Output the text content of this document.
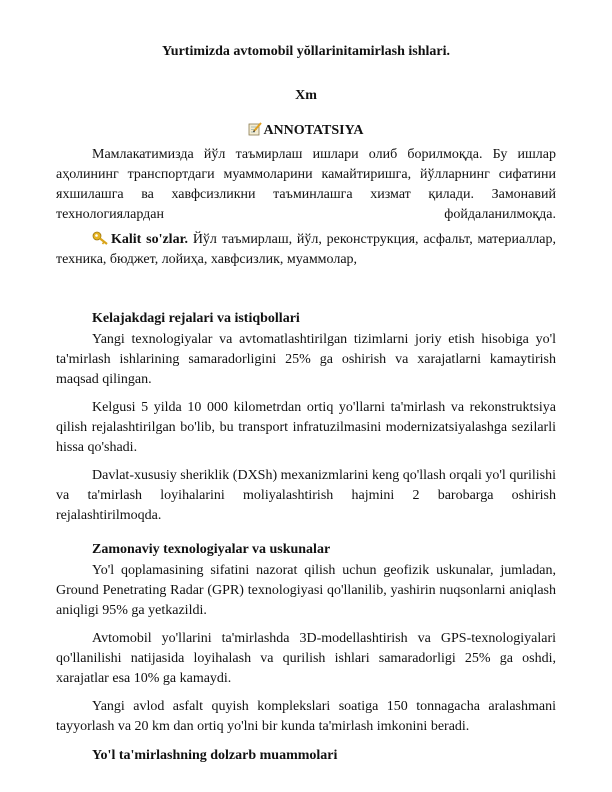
Yurtimizda avtomobil yŏllarinitamirlash ishlari.
Xm
ANNOTATSIYA
Мамлакатимизда йўл таъмирлаш ишлари олиб борилмоқда. Бу ишлар
аҳолининг транспортдаги муаммоларини камайтиришга, йўлларнинг сифатини
яхшилашга ва хавфсизликни таъминлашга хизмат қилади. Замонавий
технологиялардан фойдаланилмоқда.
Kalit so'zlar. Йўл таъмирлаш, йўл, реконструкция, асфальт, материаллар,
техника, бюджет, лойиҳа, хавфсизлик, муаммолар,
Kelajakdagi rejalari va istiqbollari
Yangi texnologiyalar va avtomatlashtirilgan tizimlarni joriy etish hisobiga yo'l ta'mirlash ishlarining samaradorligini 25% ga oshirish va xarajatlarni kamaytirish maqsad qilingan.
Kelgusi 5 yilda 10 000 kilometrdan ortiq yo'llarni ta'mirlash va rekonstruktsiya qilish rejalashtirilgan bo'lib, bu transport infratuzilmasini modernizatsiyalashga sezilarli hissa qo'shadi.
Davlat-xususiy sheriklik (DXSh) mexanizmlarini keng qo'llash orqali yo'l qurilishi va ta'mirlash loyihalarini moliyalashtirish hajmini 2 barobarga oshirish rejalashtirilmoqda.
Zamonaviy texnologiyalar va uskunalar
Yo'l qoplamasining sifatini nazorat qilish uchun geofizik uskunalar, jumladan, Ground Penetrating Radar (GPR) texnologiyasi qo'llanilib, yashirin nuqsonlarni aniqlash aniqligi 95% ga yetkazildi.
Avtomobil yo'llarini ta'mirlashda 3D-modellashtirish va GPS-texnologiyalari qo'llanilishi natijasida loyihalash va qurilish ishlari samaradorligi 25% ga oshdi, xarajatlar esa 10% ga kamaydi.
Yangi avlod asfalt quyish komplekslari soatiga 150 tonnagacha aralashmani tayyorlash va 20 km dan ortiq yo'lni bir kunda ta'mirlash imkonini beradi.
Yo'l ta'mirlashning dolzarb muammolari
